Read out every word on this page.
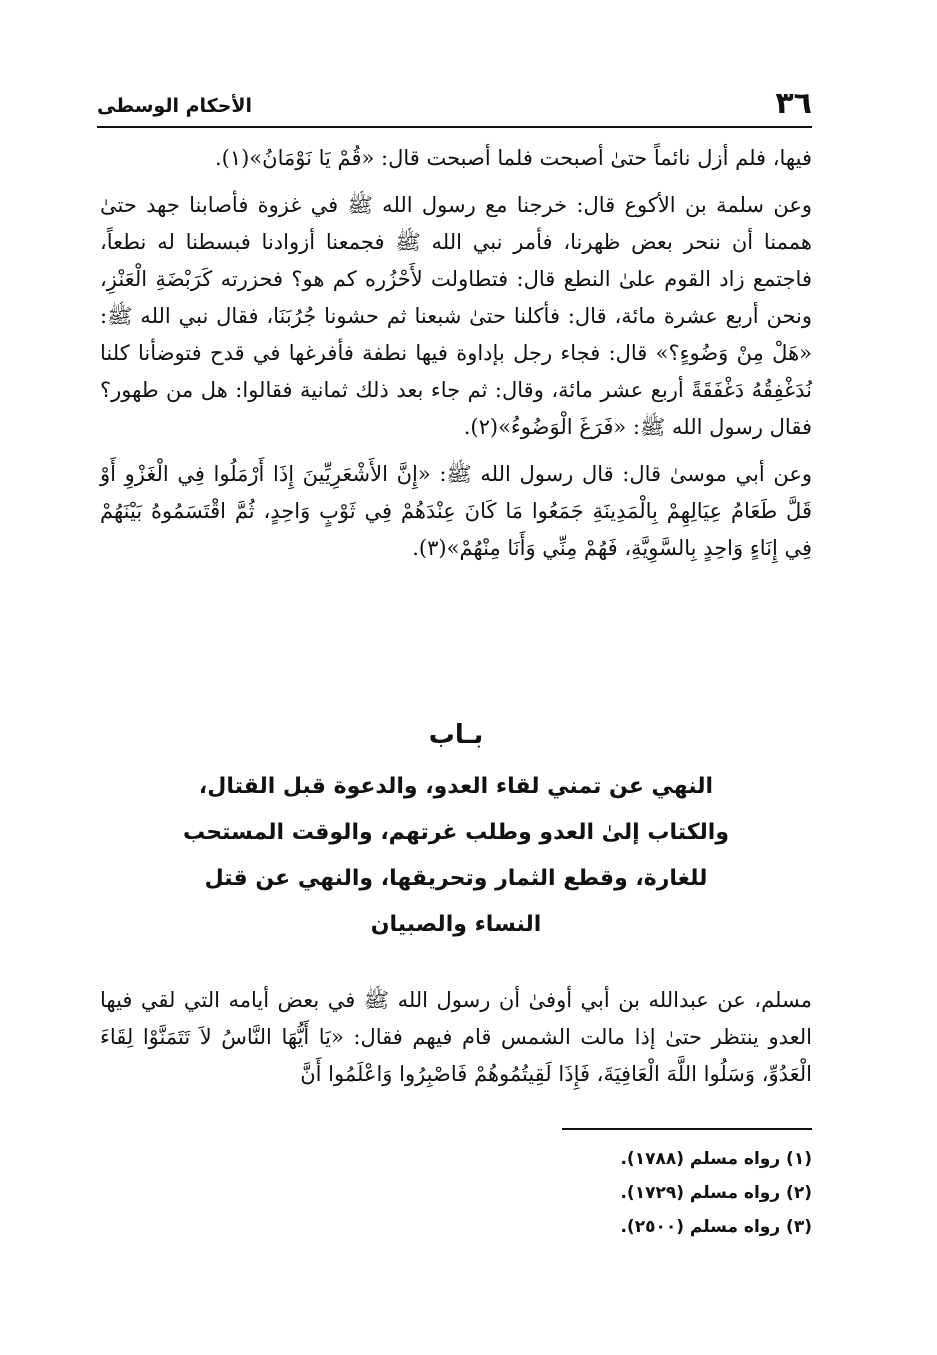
٣٦
الأحكام الوسطى

فيها، فلم أزل نائماً حتىٰ أصبحت فلما أصبحت قال: «قُمْ يَا نَوْمَانُ»(١).

وعن سلمة بن الأكوع قال: خرجنا مع رسول الله ﷺ في غزوة فأصابنا جهد حتىٰ هممنا أن ننحر بعض ظهرنا، فأمر نبي الله ﷺ فجمعنا أزوادنا فبسطنا له نطعاً، فاجتمع زاد القوم علىٰ النطع قال: فتطاولت لأَحْزُره كم هو؟ فحزرته كَرَبْضَةِ الْعَنْزِ، ونحن أربع عشرة مائة، قال: فأكلنا حتىٰ شبعنا ثم حشونا جُرُبَنَا، فقال نبي الله ﷺ: «هَلْ مِنْ وَضُوءٍ؟» قال: فجاء رجل بإداوة فيها نطفة فأفرغها في قدح فتوضأنا كلنا نُدَغْفِقُهُ دَغْفَقَةً أربع عشر مائة، وقال: ثم جاء بعد ذلك ثمانية فقالوا: هل من طهور؟ فقال رسول الله ﷺ: «فَرَغَ الْوَضُوءُ»(٢).

وعن أبي موسىٰ قال: قال رسول الله ﷺ: «إِنَّ الأَشْعَرِيِّينَ إِذَا أَرْمَلُوا فِي الْغَزْوِ أَوْ قَلَّ طَعَامُ عِيَالِهِمْ بِالْمَدِينَةِ جَمَعُوا مَا كَانَ عِنْدَهُمْ فِي ثَوْبٍ وَاحِدٍ، ثُمَّ اقْتَسَمُوهُ بَيْنَهُمْ فِي إِنَاءٍ وَاحِدٍ بِالسَّوِيَّةِ، فَهُمْ مِنِّي وَأَنَا مِنْهُمْ»(٣).

بـاب
النهي عن تمني لقاء العدو، والدعوة قبل القتال،
والكتاب إلىٰ العدو وطلب غرتهم، والوقت المستحب
للغارة، وقطع الثمار وتحريقها، والنهي عن قتل
النساء والصبيان

مسلم، عن عبدالله بن أبي أوفىٰ أن رسول الله ﷺ في بعض أيامه التي لقي فيها العدو ينتظر حتىٰ إذا مالت الشمس قام فيهم فقال: «يَا أَيُّهَا النَّاسُ لاَ تَتَمَنَّوْا لِقَاءَ الْعَدُوِّ، وَسَلُوا اللَّهَ الْعَافِيَةَ، فَإِذَا لَقِيتُمُوهُمْ فَاصْبِرُوا وَاعْلَمُوا أَنَّ

(١) رواه مسلم (١٧٨٨).
(٢) رواه مسلم (١٧٢٩).
(٣) رواه مسلم (٢٥٠٠).
